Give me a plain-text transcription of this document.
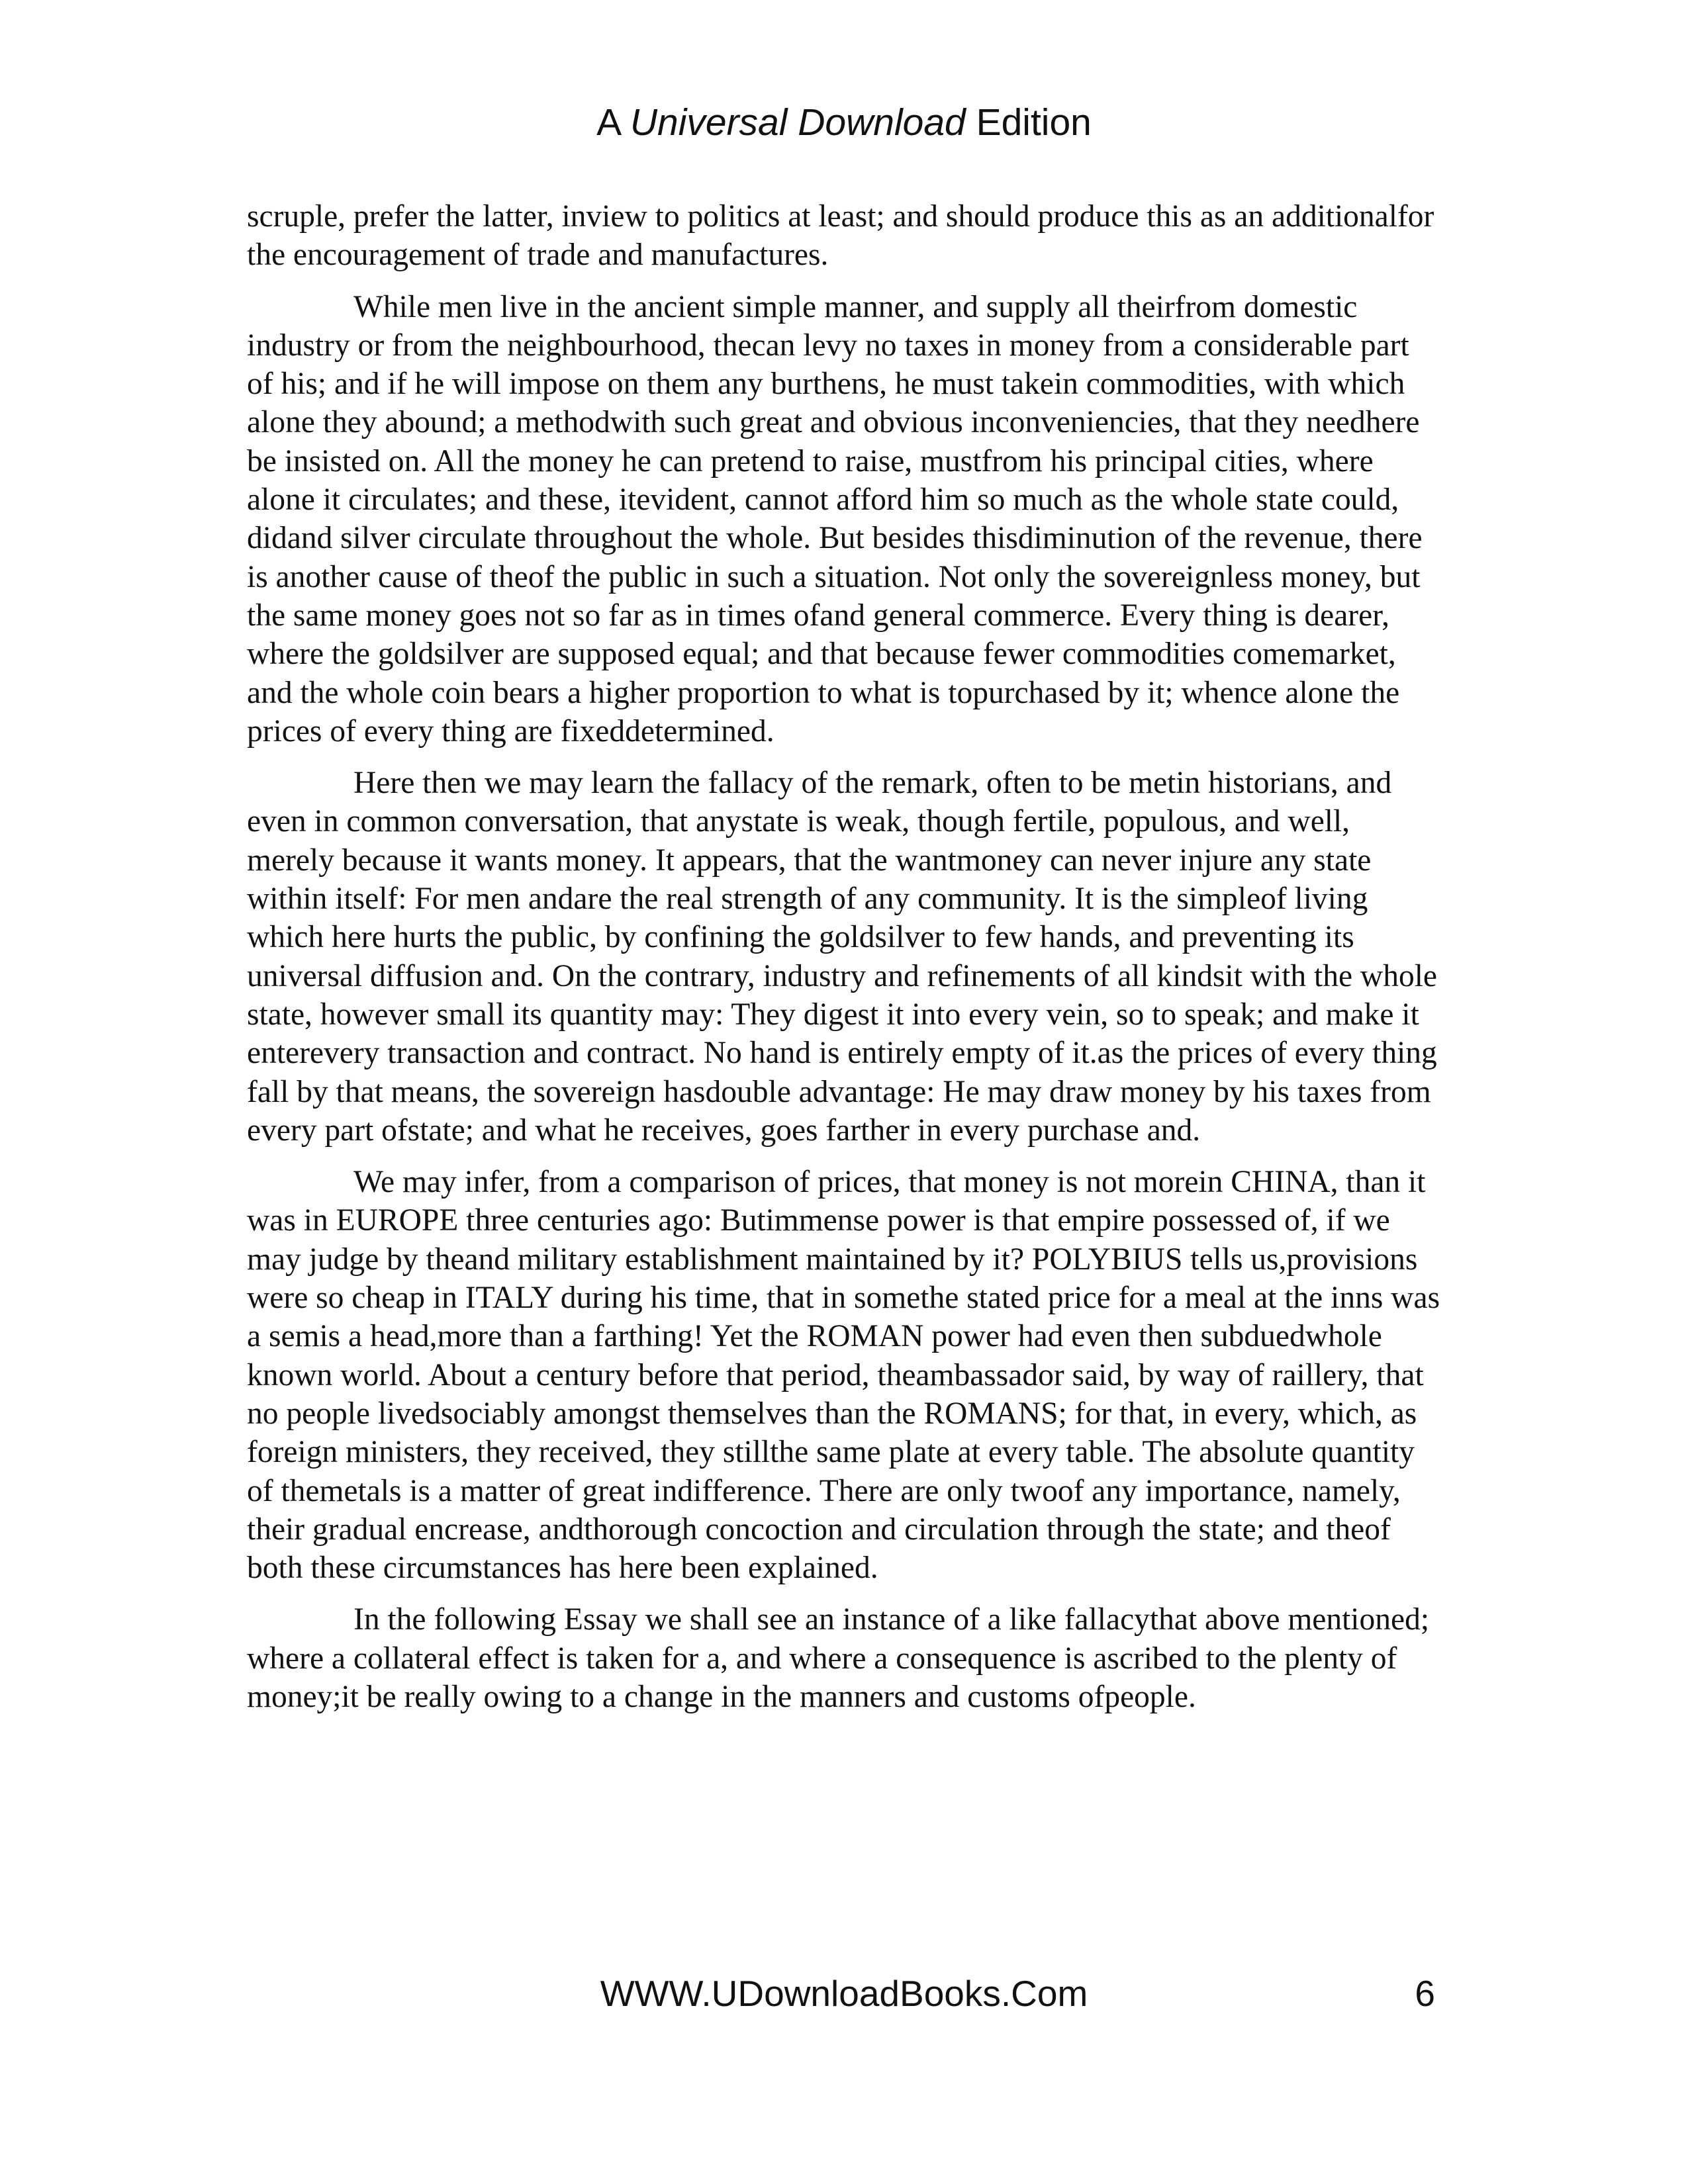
A Universal Download Edition

scruple, prefer the latter, inview to politics at least; and should produce this as an additionalfor the encouragement of trade and manufactures.

While men live in the ancient simple manner, and supply all theirfrom domestic industry or from the neighbourhood, thecan levy no taxes in money from a considerable part of his; and if he will impose on them any burthens, he must takein commodities, with which alone they abound; a methodwith such great and obvious inconveniencies, that they needhere be insisted on. All the money he can pretend to raise, mustfrom his principal cities, where alone it circulates; and these, itevident, cannot afford him so much as the whole state could, didand silver circulate throughout the whole. But besides thisdiminution of the revenue, there is another cause of theof the public in such a situation. Not only the sovereignless money, but the same money goes not so far as in times ofand general commerce. Every thing is dearer, where the goldsilver are supposed equal; and that because fewer commodities comemarket, and the whole coin bears a higher proportion to what is topurchased by it; whence alone the prices of every thing are fixeddetermined.

Here then we may learn the fallacy of the remark, often to be metin historians, and even in common conversation, that anystate is weak, though fertile, populous, and well, merely because it wants money. It appears, that the wantmoney can never injure any state within itself: For men andare the real strength of any community. It is the simpleof living which here hurts the public, by confining the goldsilver to few hands, and preventing its universal diffusion and. On the contrary, industry and refinements of all kindsit with the whole state, however small its quantity may: They digest it into every vein, so to speak; and make it enterevery transaction and contract. No hand is entirely empty of it.as the prices of every thing fall by that means, the sovereign hasdouble advantage: He may draw money by his taxes from every part ofstate; and what he receives, goes farther in every purchase and.

We may infer, from a comparison of prices, that money is not morein CHINA, than it was in EUROPE three centuries ago: Butimmense power is that empire possessed of, if we may judge by theand military establishment maintained by it? POLYBIUS tells us,provisions were so cheap in ITALY during his time, that in somethe stated price for a meal at the inns was a semis a head,more than a farthing! Yet the ROMAN power had even then subduedwhole known world. About a century before that period, theambassador said, by way of raillery, that no people livedsociably amongst themselves than the ROMANS; for that, in every, which, as foreign ministers, they received, they stillthe same plate at every table. The absolute quantity of themetals is a matter of great indifference. There are only twoof any importance, namely, their gradual encrease, andthorough concoction and circulation through the state; and theof both these circumstances has here been explained.

In the following Essay we shall see an instance of a like fallacythat above mentioned; where a collateral effect is taken for a, and where a consequence is ascribed to the plenty of money;it be really owing to a change in the manners and customs ofpeople.

WWW.UDownloadBooks.Com	6
